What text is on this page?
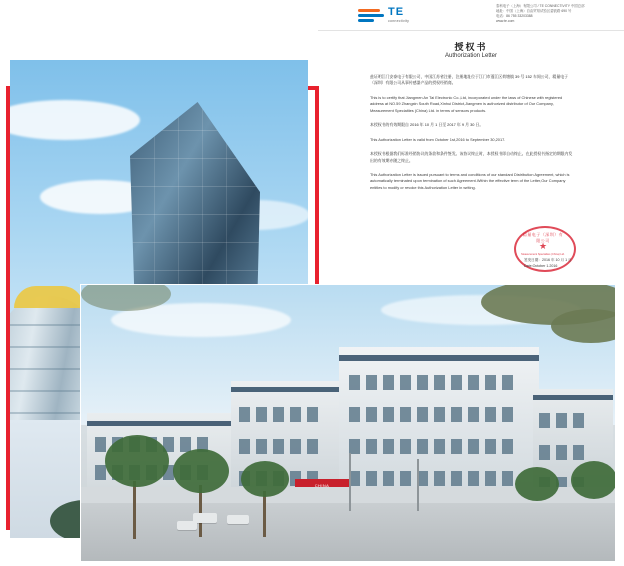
TE
connectivity
泰科电子（上海）有限公司 / TE CONNECTIVITY 中国总部
地址：中国（上海）自由贸易试验区碧波路 690 号
电话：86 755 33203388
www.te.com
授权书
Authorization Letter

兹证明江门安泰电子有限公司，中国江苏省注册，注册地址位于江门市蓬江区荷塘镇 39 号 152 车间公司，精量电子（深圳）有限公司从事传感器产品的授权经销商。

This is to certify that Jiangmen An Tai Electronic Co.,Ltd, incorporated under the laws of Chinese with registered address at NO.59 Zhangxin South Road,Xinhui District,Jiangmen is authorized distributor of Our Company, Measurement Specialties (China) Ltd. in terms of sensors products.

本授权书的有效期限自 2016 年 10 月 1 日至 2017 年 9 月 30 日。

This Authorization Letter is valid from October 1st,2016 to September 30,2017.

本授权书根据我们标准经销协议的条款和条件签发。该协议终止时，本授权书即自动终止。在此授权书指定的期限内发出的有效期亦随之终止。

This Authorization Letter is issued pursuant to terms and conditions of our standard Distribution Agreement, which is automatically terminated upon termination of such Agreement.Within the effective term of the Letter,Our Company entitles to modify or revoke this Authorization Letter in writing.

精量电子（深圳）有限公司
★
Measurement Specialties (China) Ltd.
签发日期：2016 年 10 月 1 日
Date:October 1.2016
CHINA
